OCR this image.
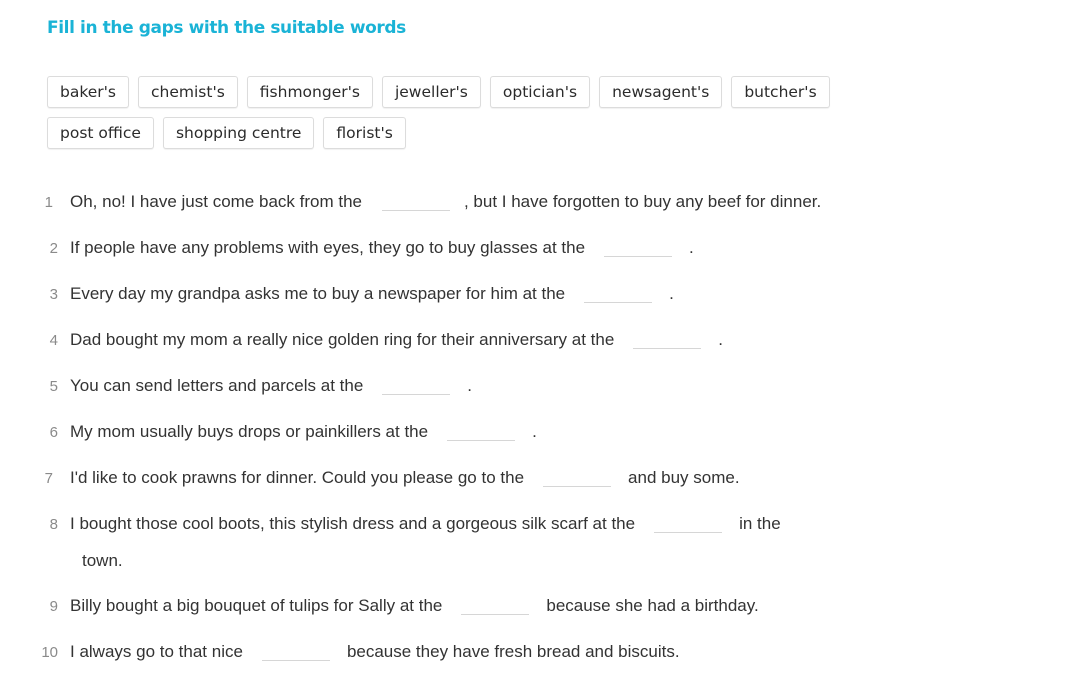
Fill in the gaps with the suitable words
baker's	chemist's	fishmonger's	jeweller's	optician's	newsagent's	butcher's
post office	shopping centre	florist's
1	Oh, no! I have just come back from the	, but I have forgotten to buy any beef for dinner.
2 If people have any problems with eyes, they go to buy glasses at the	.
3 Every day my grandpa asks me to buy a newspaper for him at the	.
4 Dad bought my mom a really nice golden ring for their anniversary at the	.
5 You can send letters and parcels at the	.
6 My mom usually buys drops or painkillers at the	.
7	I'd like to cook prawns for dinner. Could you please go to the	and buy some.
8 I bought those cool boots, this stylish dress and a gorgeous silk scarf at the	in the
town.
9 Billy bought a big bouquet of tulips for Sally at the	because she had a birthday.
10 I always go to that nice	because they have fresh bread and biscuits.
